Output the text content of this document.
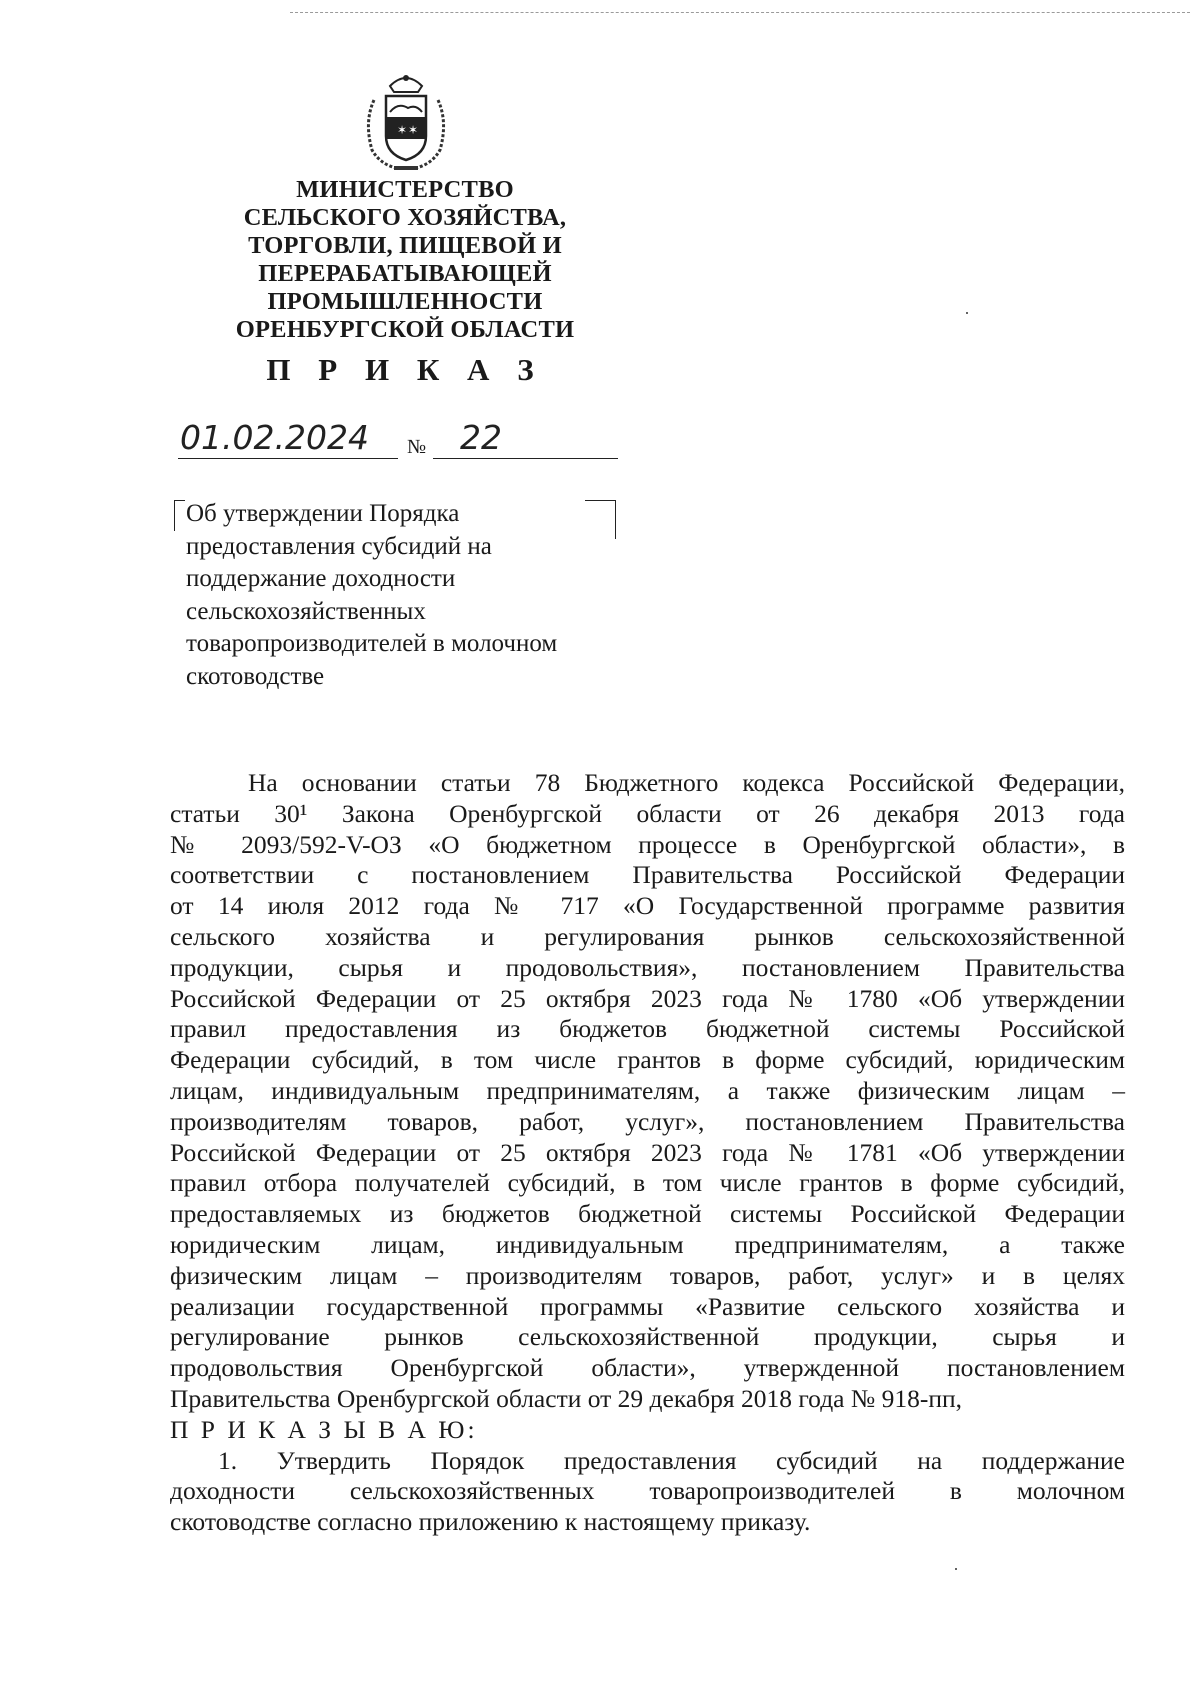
✶ ✶
МИНИСТЕРСТВО
СЕЛЬСКОГО ХОЗЯЙСТВА,
ТОРГОВЛИ, ПИЩЕВОЙ И
ПЕРЕРАБАТЫВАЮЩЕЙ
ПРОМЫШЛЕННОСТИ
ОРЕНБУРГСКОЙ ОБЛАСТИ
П Р И К А З
01.02.2024 № 22
Об утверждении Порядка
предоставления субсидий на
поддержание доходности
сельскохозяйственных
товаропроизводителей в молочном
скотоводстве
На основании статьи 78 Бюджетного кодекса Российской Федерации,
статьи 30¹ Закона Оренбургской области от 26 декабря 2013 года
№ 2093/592-V-ОЗ «О бюджетном процессе в Оренбургской области», в
соответствии с постановлением Правительства Российской Федерации
от 14 июля 2012 года № 717 «О Государственной программе развития
сельского хозяйства и регулирования рынков сельскохозяйственной
продукции, сырья и продовольствия», постановлением Правительства
Российской Федерации от 25 октября 2023 года № 1780 «Об утверждении
правил предоставления из бюджетов бюджетной системы Российской
Федерации субсидий, в том числе грантов в форме субсидий, юридическим
лицам, индивидуальным предпринимателям, а также физическим лицам –
производителям товаров, работ, услуг», постановлением Правительства
Российской Федерации от 25 октября 2023 года № 1781 «Об утверждении
правил отбора получателей субсидий, в том числе грантов в форме субсидий,
предоставляемых из бюджетов бюджетной системы Российской Федерации
юридическим лицам, индивидуальным предпринимателям, а также
физическим лицам – производителям товаров, работ, услуг» и в целях
реализации государственной программы «Развитие сельского хозяйства и
регулирование рынков сельскохозяйственной продукции, сырья и
продовольствия Оренбургской области», утвержденной постановлением
Правительства Оренбургской области от 29 декабря 2018 года № 918-пп,
П Р И К А З Ы В А Ю:
1. Утвердить Порядок предоставления субсидий на поддержание
доходности сельскохозяйственных товаропроизводителей в молочном
скотоводстве согласно приложению к настоящему приказу.
